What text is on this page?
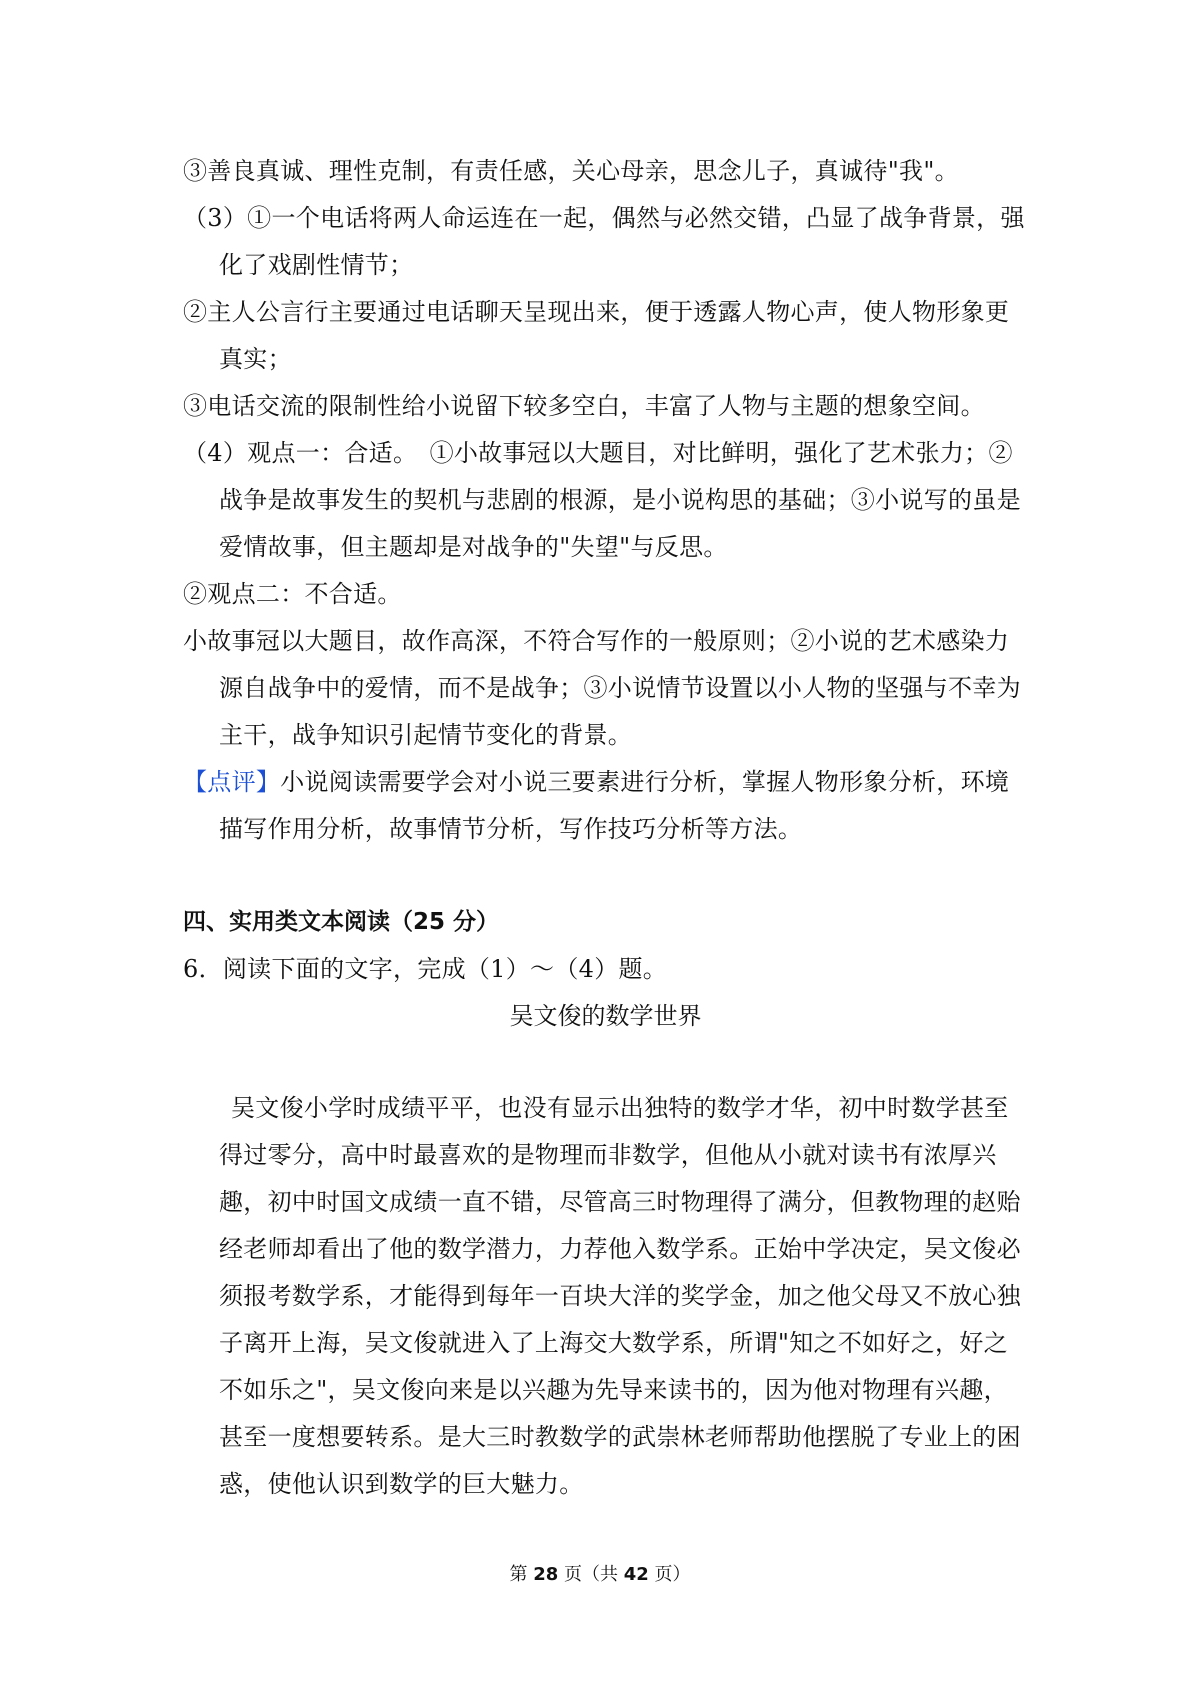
③善良真诚、理性克制，有责任感，关心母亲，思念儿子，真诚待"我"。

（3）①一个电话将两人命运连在一起，偶然与必然交错，凸显了战争背景，强化了戏剧性情节；

②主人公言行主要通过电话聊天呈现出来，便于透露人物心声，使人物形象更真实；

③电话交流的限制性给小说留下较多空白，丰富了人物与主题的想象空间。

（4）观点一：合适。　①小故事冠以大题目，对比鲜明，强化了艺术张力；②战争是故事发生的契机与悲剧的根源，是小说构思的基础；③小说写的虽是爱情故事，但主题却是对战争的"失望"与反思。

②观点二：不合适。

小故事冠以大题目，故作高深，不符合写作的一般原则；②小说的艺术感染力源自战争中的爱情，而不是战争；③小说情节设置以小人物的坚强与不幸为主干，战争知识引起情节变化的背景。

【点评】小说阅读需要学会对小说三要素进行分析，掌握人物形象分析，环境描写作用分析，故事情节分析，写作技巧分析等方法。

四、实用类文本阅读（25 分）

6．阅读下面的文字，完成（1）～（4）题。

吴文俊的数学世界

吴文俊小学时成绩平平，也没有显示出独特的数学才华，初中时数学甚至得过零分，高中时最喜欢的是物理而非数学，但他从小就对读书有浓厚兴趣，初中时国文成绩一直不错，尽管高三时物理得了满分，但教物理的赵贻经老师却看出了他的数学潜力，力荐他入数学系。正始中学决定，吴文俊必须报考数学系，才能得到每年一百块大洋的奖学金，加之他父母又不放心独子离开上海，吴文俊就进入了上海交大数学系，所谓"知之不如好之，好之不如乐之"，吴文俊向来是以兴趣为先导来读书的，因为他对物理有兴趣，甚至一度想要转系。是大三时教数学的武崇林老师帮助他摆脱了专业上的困惑，使他认识到数学的巨大魅力。

第 28 页（共 42 页）
